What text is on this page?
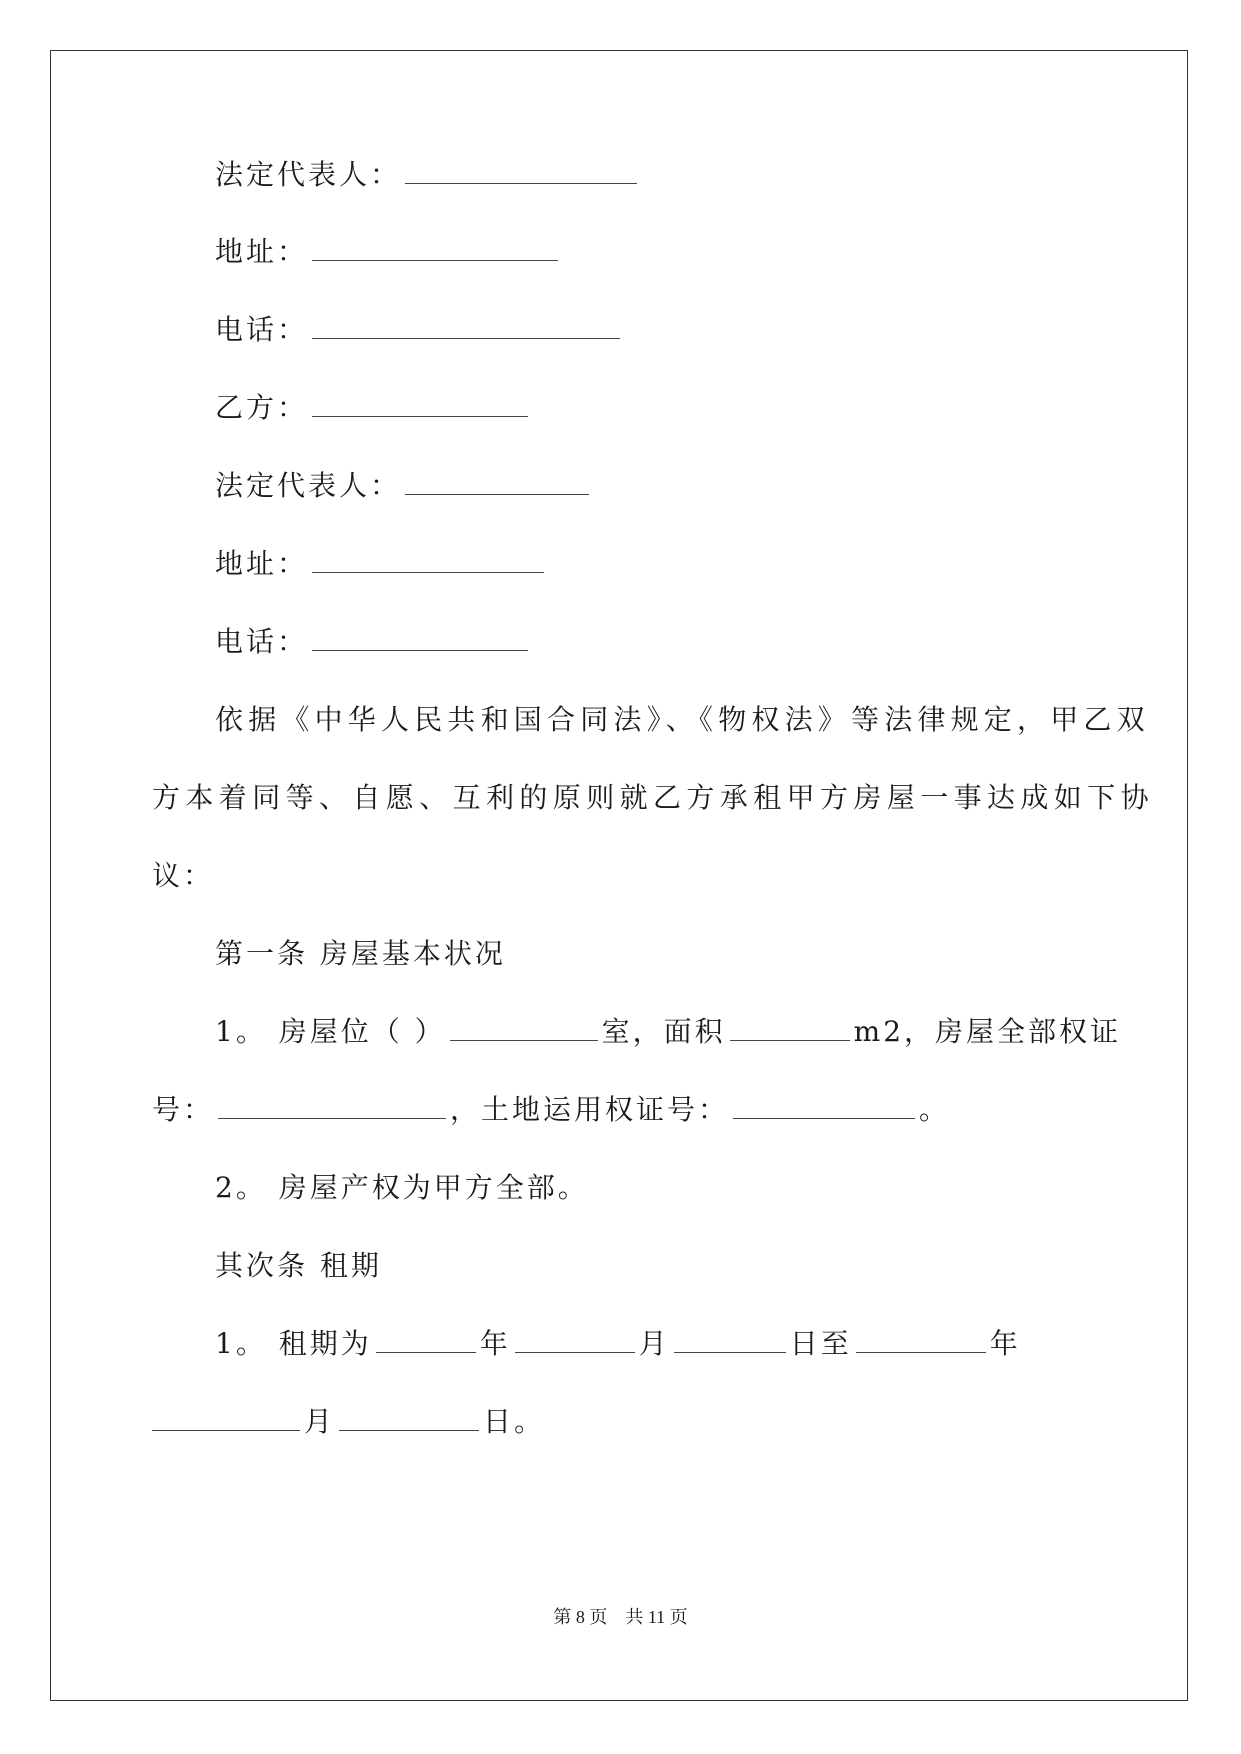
法定代表人：
地址：
电话：
乙方：
法定代表人：
地址：
电话：
依据《中华人民共和国合同法》、《物权法》等法律规定，甲乙双
方本着同等、自愿、互利的原则就乙方承租甲方房屋一事达成如下协
议：
第一条 房屋基本状况
1。 房屋位（ ）	室，面积	m2，房屋全部权证
号：	，土地运用权证号：	。
2。 房屋产权为甲方全部。
其次条 租期
1。 租期为	年	月	日至	年
月	日。
第 8 页 共 11 页
